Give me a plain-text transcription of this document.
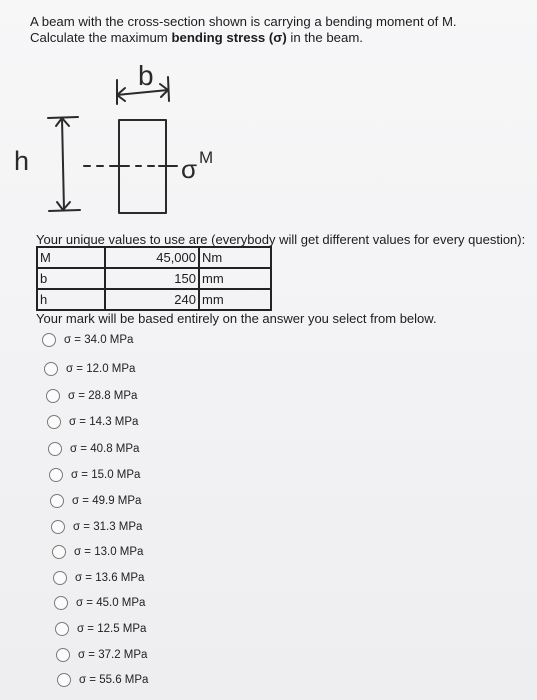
A beam with the cross-section shown is carrying a bending moment of M.
Calculate the maximum bending stress (σ) in the beam.
b
h	σ M
Your unique values to use are (everybody will get different values for every question):
M	45,000	Nm
b	150	mm
h	240	mm
Your mark will be based entirely on the answer you select from below.
σ = 34.0 MPa
σ = 12.0 MPa
σ = 28.8 MPa
σ = 14.3 MPa
σ = 40.8 MPa
σ = 15.0 MPa
σ = 49.9 MPa
σ = 31.3 MPa
σ = 13.0 MPa
σ = 13.6 MPa
σ = 45.0 MPa
σ = 12.5 MPa
σ = 37.2 MPa
σ = 55.6 MPa
